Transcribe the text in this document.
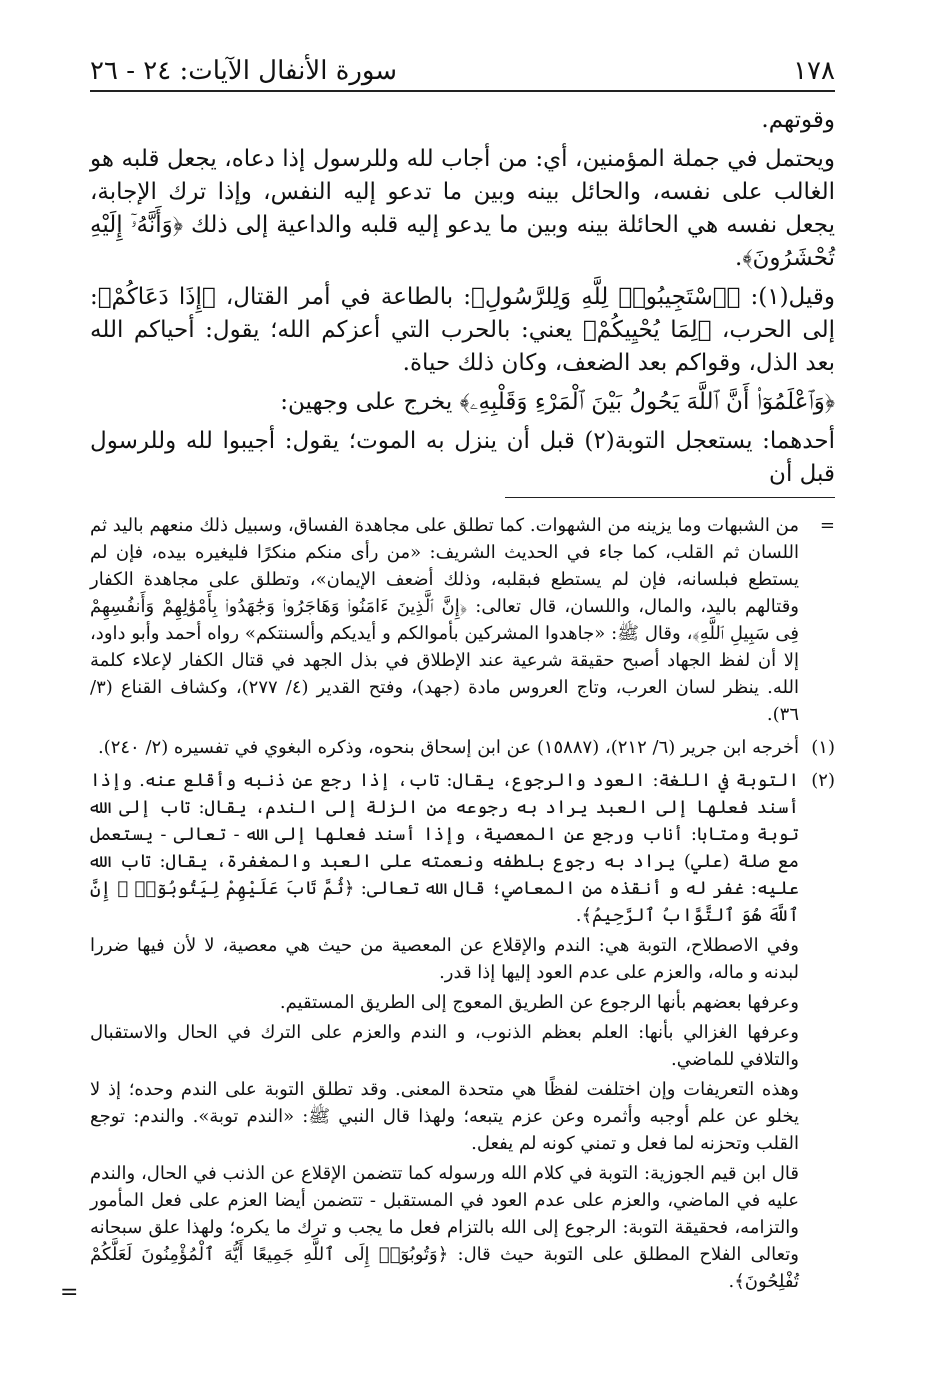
١٧٨
سورة الأنفال الآيات: ٢٤ - ٢٦

وقوتهم.

ويحتمل في جملة المؤمنين، أي: من أجاب لله وللرسول إذا دعاه، يجعل قلبه هو الغالب على نفسه، والحائل بينه وبين ما تدعو إليه النفس، وإذا ترك الإجابة، يجعل نفسه هي الحائلة بينه وبين ما يدعو إليه قلبه والداعية إلى ذلك ﴿وَأَنَّهُۥٓ إِلَيْهِ تُحْشَرُونَ﴾.

وقيل(١): ﴿ٱسْتَجِيبُوا۟ لِلَّهِ وَلِلرَّسُولِ﴾: بالطاعة في أمر القتال، ﴿إِذَا دَعَاكُمْ﴾: إلى الحرب، ﴿لِمَا يُحْيِيكُمْ﴾ يعني: بالحرب التي أعزكم الله؛ يقول: أحياكم الله بعد الذل، وقواكم بعد الضعف، وكان ذلك حياة.

﴿وَٱعْلَمُوٓا۟ أَنَّ ٱللَّهَ يَحُولُ بَيْنَ ٱلْمَرْءِ وَقَلْبِهِۦ﴾ يخرج على وجهين:

أحدهما: يستعجل التوبة(٢) قبل أن ينزل به الموت؛ يقول: أجيبوا لله وللرسول قبل أن

=

من الشبهات وما يزينه من الشهوات. كما تطلق على مجاهدة الفساق، وسبيل ذلك منعهم باليد ثم اللسان ثم القلب، كما جاء في الحديث الشريف: «من رأى منكم منكرًا فليغيره بيده، فإن لم يستطع فبلسانه، فإن لم يستطع فبقلبه، وذلك أضعف الإيمان»، وتطلق على مجاهدة الكفار وقتالهم باليد، والمال، واللسان، قال تعالى: ﴿إِنَّ ٱلَّذِينَ ءَامَنُوا۟ وَهَاجَرُوا۟ وَجَٰهَدُوا۟ بِأَمْوَٰلِهِمْ وَأَنفُسِهِمْ فِى سَبِيلِ ٱللَّهِ﴾، وقال ﷺ: «جاهدوا المشركين بأموالكم و أيديكم وألسنتكم» رواه أحمد وأبو داود، إلا أن لفظ الجهاد أصبح حقيقة شرعية عند الإطلاق في بذل الجهد في قتال الكفار لإعلاء كلمة الله. ينظر لسان العرب، وتاج العروس مادة (جهد)، وفتح القدير (٤/ ٢٧٧)، وكشاف القناع (٣/ ٣٦).

(١)

أخرجه ابن جرير (٦/ ٢١٢)، (١٥٨٨٧) عن ابن إسحاق بنحوه، وذكره البغوي في تفسيره (٢/ ٢٤٠).

(٢)

التوبة في اللغة: العود والرجوع، يقال: تاب، إذا رجع عن ذنبه وأقلع عنه. وإذا أسند فعلها إلى العبد يراد به رجوعه من الزلة إلى الندم، يقال: تاب إلى الله توبة ومتابا: أناب ورجع عن المعصية، وإذا أسند فعلها إلى الله - تعالى - يستعمل مع صلة (علي) يراد به رجوع بلطفه ونعمته على العبد والمغفرة، يقال: تاب الله عليه: غفر له و أنقذه من المعاصي؛ قال الله تعالى: ﴿ثُمَّ تَابَ عَلَيْهِمْ لِيَتُوبُوٓا۟ ۚ إِنَّ ٱللَّهَ هُوَ ٱلتَّوَّابُ ٱلرَّحِيمُ﴾.

وفي الاصطلاح، التوبة هي: الندم والإقلاع عن المعصية من حيث هي معصية، لا لأن فيها ضررا لبدنه و ماله، والعزم على عدم العود إليها إذا قدر.

وعرفها بعضهم بأنها الرجوع عن الطريق المعوج إلى الطريق المستقيم.

وعرفها الغزالي بأنها: العلم بعظم الذنوب، و الندم والعزم على الترك في الحال والاستقبال والتلافي للماضي.

وهذه التعريفات وإن اختلفت لفظًا هي متحدة المعنى. وقد تطلق التوبة على الندم وحده؛ إذ لا يخلو عن علم أوجبه وأثمره وعن عزم يتبعه؛ ولهذا قال النبي ﷺ: «الندم توبة». والندم: توجع القلب وتحزنه لما فعل و تمني كونه لم يفعل.

قال ابن قيم الجوزية: التوبة في كلام الله ورسوله كما تتضمن الإقلاع عن الذنب في الحال، والندم عليه في الماضي، والعزم على عدم العود في المستقبل - تتضمن أيضا العزم على فعل المأمور والتزامه، فحقيقة التوبة: الرجوع إلى الله بالتزام فعل ما يجب و ترك ما يكره؛ ولهذا علق سبحانه وتعالى الفلاح المطلق على التوبة حيث قال: ﴿وَتُوبُوٓا۟ إِلَى ٱللَّهِ جَمِيعًا أَيُّهَ ٱلْمُؤْمِنُونَ لَعَلَّكُمْ تُفْلِحُونَ﴾.

=
